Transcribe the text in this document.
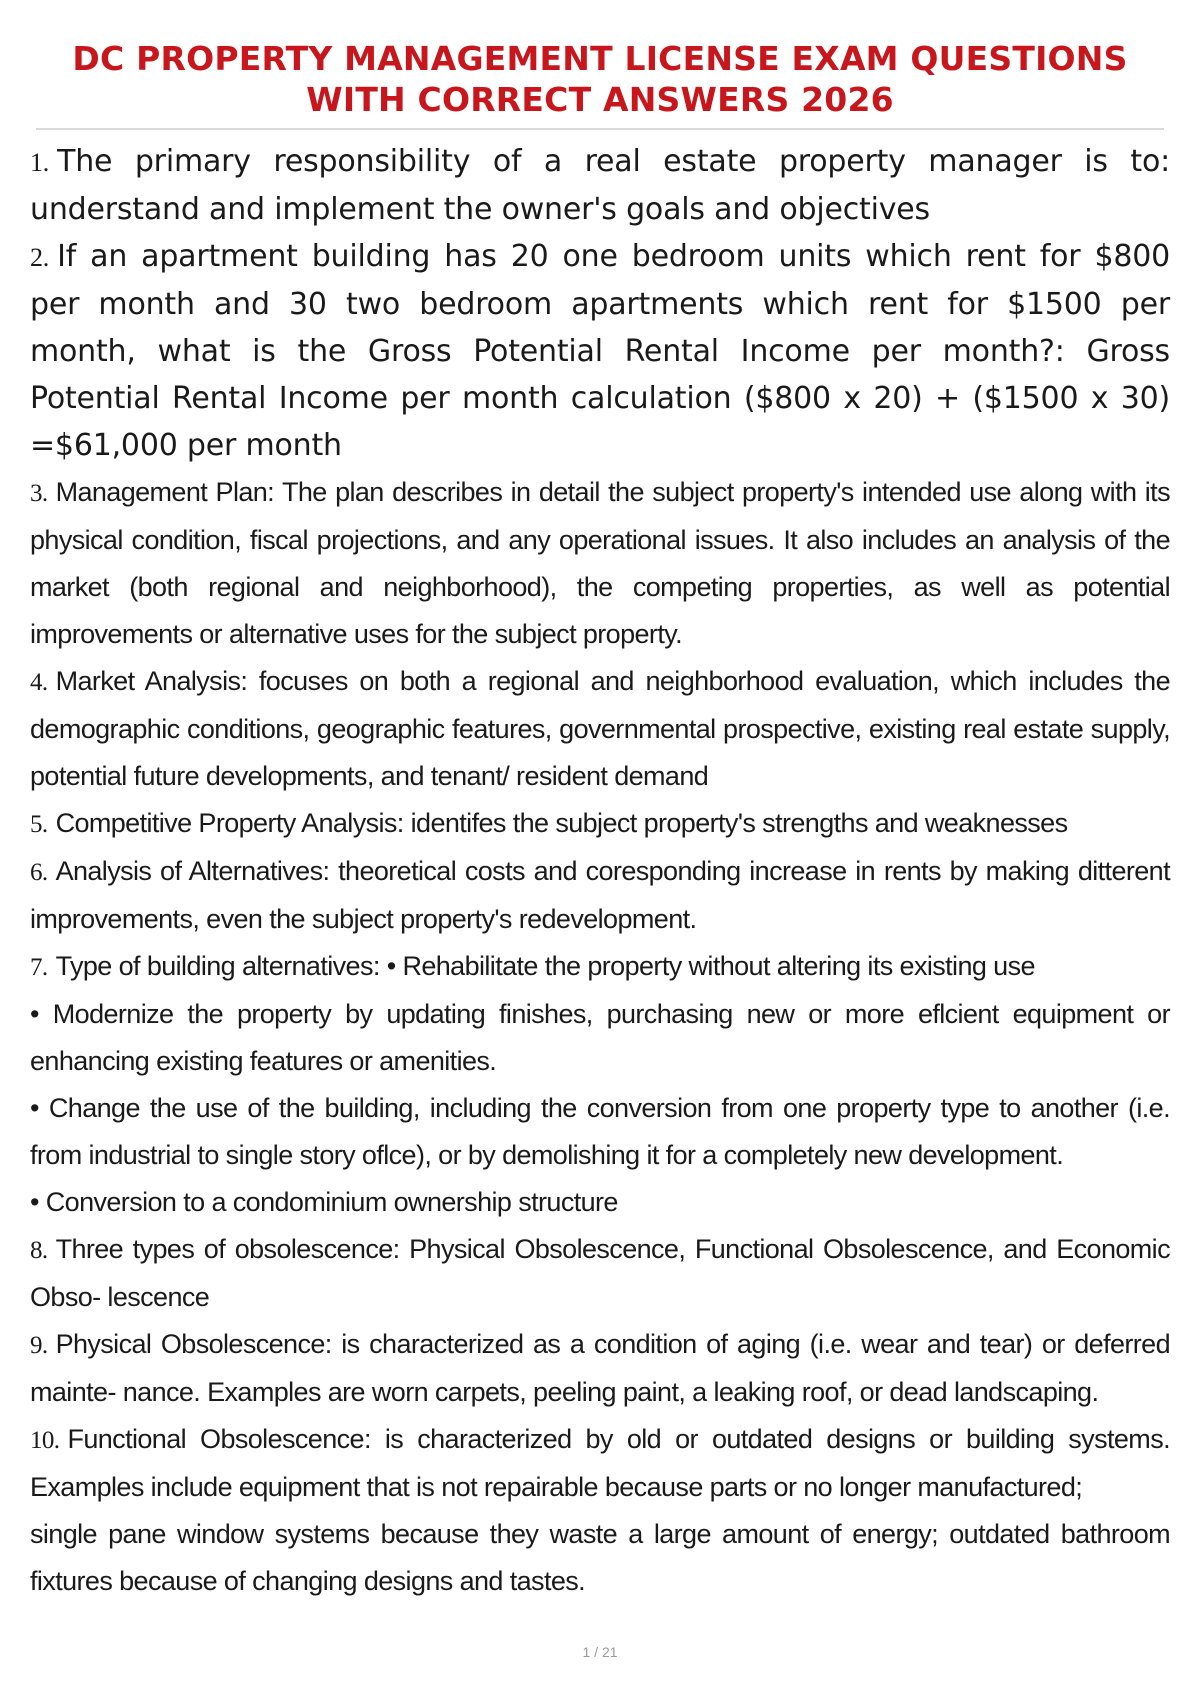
DC PROPERTY MANAGEMENT LICENSE EXAM QUESTIONS WITH CORRECT ANSWERS 2026

1. The primary responsibility of a real estate property manager is to: understand and implement the owner's goals and objectives

2. If an apartment building has 20 one bedroom units which rent for $800 per month and 30 two bedroom apartments which rent for $1500 per month, what is the Gross Potential Rental Income per month?: Gross Potential Rental Income per month calculation ($800 x 20) + ($1500 x 30) =$61,000 per month

3. Management Plan: The plan describes in detail the subject property's intended use along with its physical condition, fiscal projections, and any operational issues. It also includes an analysis of the market (both regional and neighborhood), the competing properties, as well as potential improvements or alternative uses for the subject property.

4. Market Analysis: focuses on both a regional and neighborhood evaluation, which includes the demographic conditions, geographic features, governmental prospective, existing real estate supply, potential future developments, and tenant/ resident demand

5. Competitive Property Analysis: identifes the subject property's strengths and weaknesses

6. Analysis of Alternatives: theoretical costs and coresponding increase in rents by making ditterent improvements, even the subject property's redevelopment.

7. Type of building alternatives: • Rehabilitate the property without altering its existing use

• Modernize the property by updating finishes, purchasing new or more eflcient equipment or enhancing existing features or amenities.

• Change the use of the building, including the conversion from one property type to another (i.e. from industrial to single story oflce), or by demolishing it for a completely new development.

• Conversion to a condominium ownership structure

8. Three types of obsolescence: Physical Obsolescence, Functional Obsolescence, and Economic Obso- lescence

9. Physical Obsolescence: is characterized as a condition of aging (i.e. wear and tear) or deferred mainte- nance. Examples are worn carpets, peeling paint, a leaking roof, or dead landscaping.

10. Functional Obsolescence: is characterized by old or outdated designs or building systems. Examples include equipment that is not repairable because parts or no longer manufactured;

single pane window systems because they waste a large amount of energy; outdated bathroom fixtures because of changing designs and tastes.

1 / 21
